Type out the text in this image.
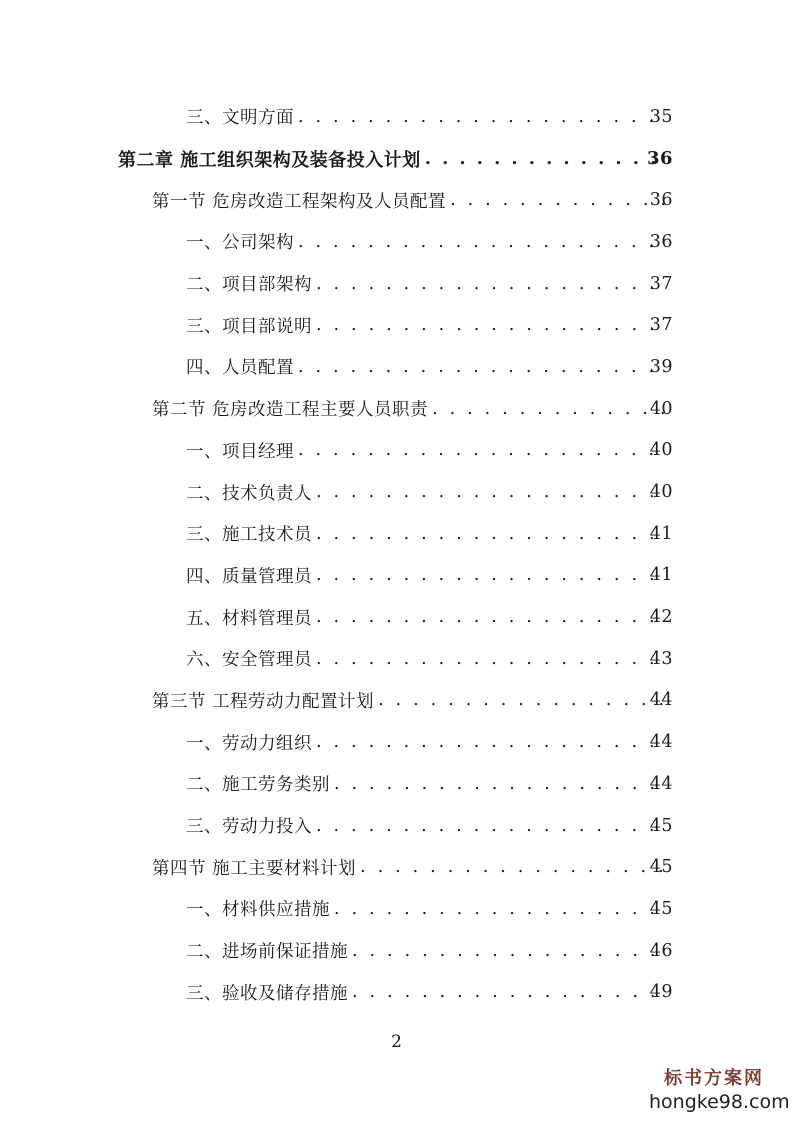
三、文明方面 . . .	35
第二章 施工组织架构及装备投入计划 . . .	36
第一节 危房改造工程架构及人员配置 . . .	36
一、公司架构 . . .	36
二、项目部架构 . . .	37
三、项目部说明 . . .	37
四、人员配置 . . .	39
第二节 危房改造工程主要人员职责 . . .	40
一、项目经理 . . .	40
二、技术负责人 . . .	40
三、施工技术员 . . .	41
四、质量管理员 . . .	41
五、材料管理员 . . .	42
六、安全管理员 . . .	43
第三节 工程劳动力配置计划 . . .	44
一、劳动力组织 . . .	44
二、施工劳务类别 . . .	44
三、劳动力投入 . . .	45
第四节 施工主要材料计划 . . .	45
一、材料供应措施 . . .	45
二、进场前保证措施 . . .	46
三、验收及储存措施 . . .	49
2
标书方案网
hongke98.com
